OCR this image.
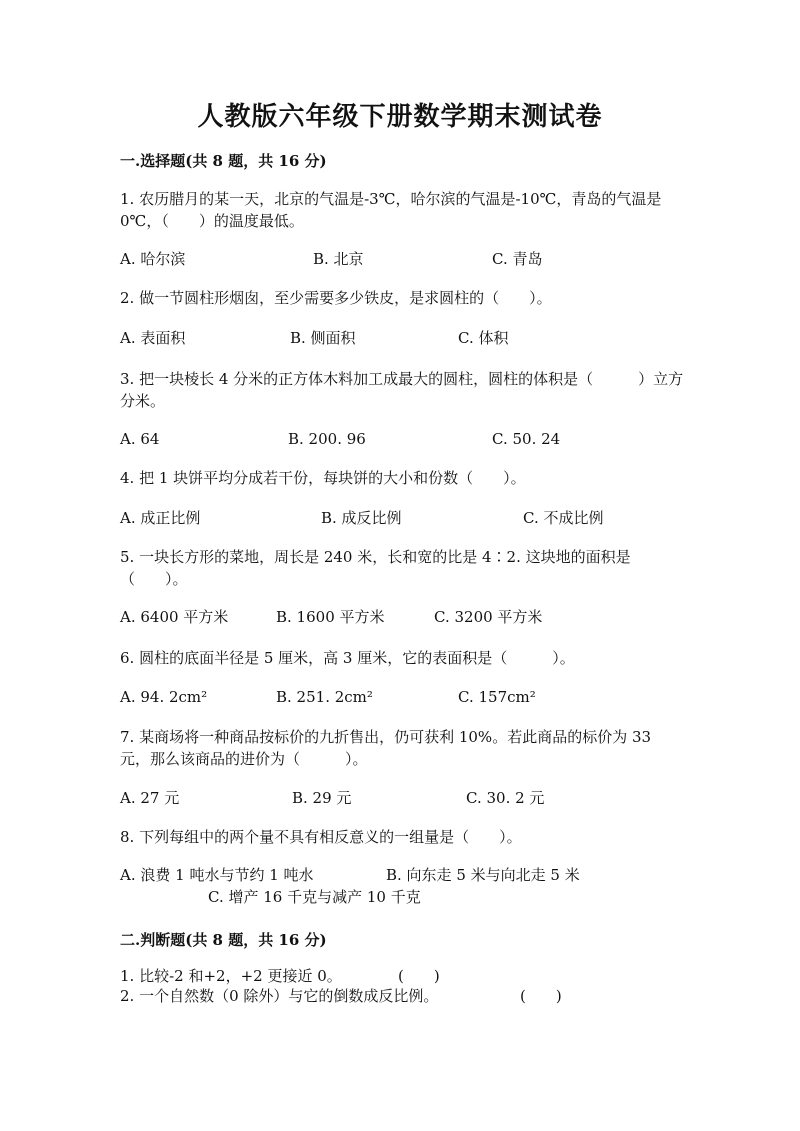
人教版六年级下册数学期末测试卷
一.选择题(共 8 题，共 16 分)
1. 农历腊月的某一天，北京的气温是-3℃，哈尔滨的气温是-10℃，青岛的气温是 0℃，（　　）的温度最低。
A. 哈尔滨	B. 北京	C. 青岛
2. 做一节圆柱形烟囱，至少需要多少铁皮，是求圆柱的（　　）。
A. 表面积	B. 侧面积	C. 体积
3. 把一块棱长 4 分米的正方体木料加工成最大的圆柱，圆柱的体积是（　　　）立方分米。
A. 64	B. 200. 96	C. 50. 24
4. 把 1 块饼平均分成若干份，每块饼的大小和份数（　　）。
A. 成正比例	B. 成反比例	C. 不成比例
5. 一块长方形的菜地，周长是 240 米，长和宽的比是 4∶2. 这块地的面积是（　　）。
A. 6400 平方米	B. 1600 平方米	C. 3200 平方米
6. 圆柱的底面半径是 5 厘米，高 3 厘米，它的表面积是（　　　）。
A. 94. 2cm²	B. 251. 2cm²	C. 157cm²
7. 某商场将一种商品按标价的九折售出，仍可获利 10%。若此商品的标价为 33 元，那么该商品的进价为（　　　）。
A. 27 元	B. 29 元	C. 30. 2 元
8. 下列每组中的两个量不具有相反意义的一组量是（　　）。
A. 浪费 1 吨水与节约 1 吨水	B. 向东走 5 米与向北走 5 米
C. 增产 16 千克与减产 10 千克
二.判断题(共 8 题，共 16 分)
1. 比较-2 和+2，+2 更接近 0。	(　　)
2. 一个自然数（0 除外）与它的倒数成反比例。	(　　)
